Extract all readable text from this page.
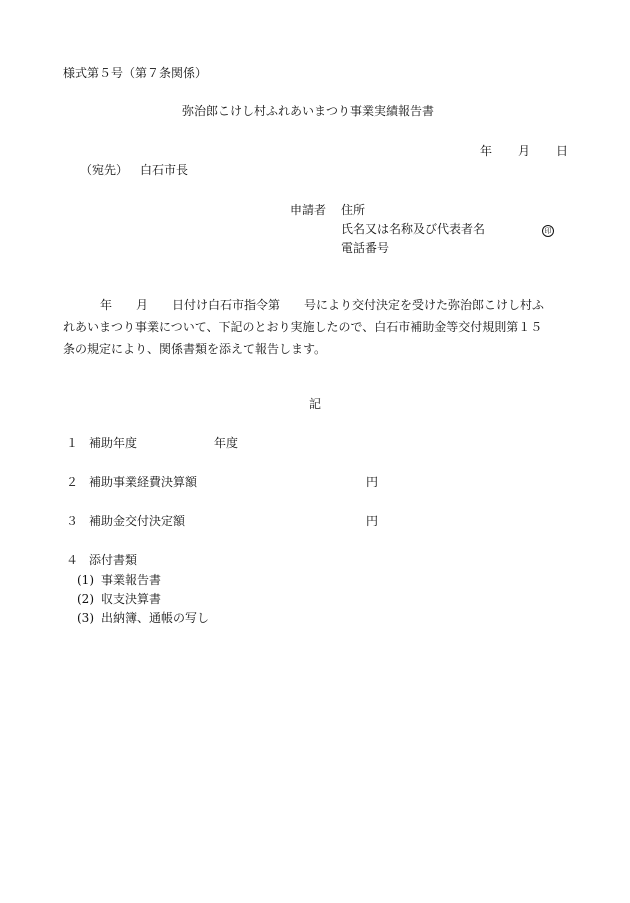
様式第５号（第７条関係）
弥治郎こけし村ふれあいまつり事業実績報告書
年 月 日
（宛先） 白石市長
申請者 住所
氏名又は名称及び代表者名	印
電話番号
年　　月　　日付け白石市指令第　　号により交付決定を受けた弥治郎こけし村ふ
れあいまつり事業について、下記のとおり実施したので、白石市補助金等交付規則第１５
条の規定により、関係書類を添えて報告します。
記
１ 補助年度	年度
２ 補助事業経費決算額	円
３ 補助金交付決定額	円
４ 添付書類
(1) 事業報告書
(2) 収支決算書
(3) 出納簿、通帳の写し
